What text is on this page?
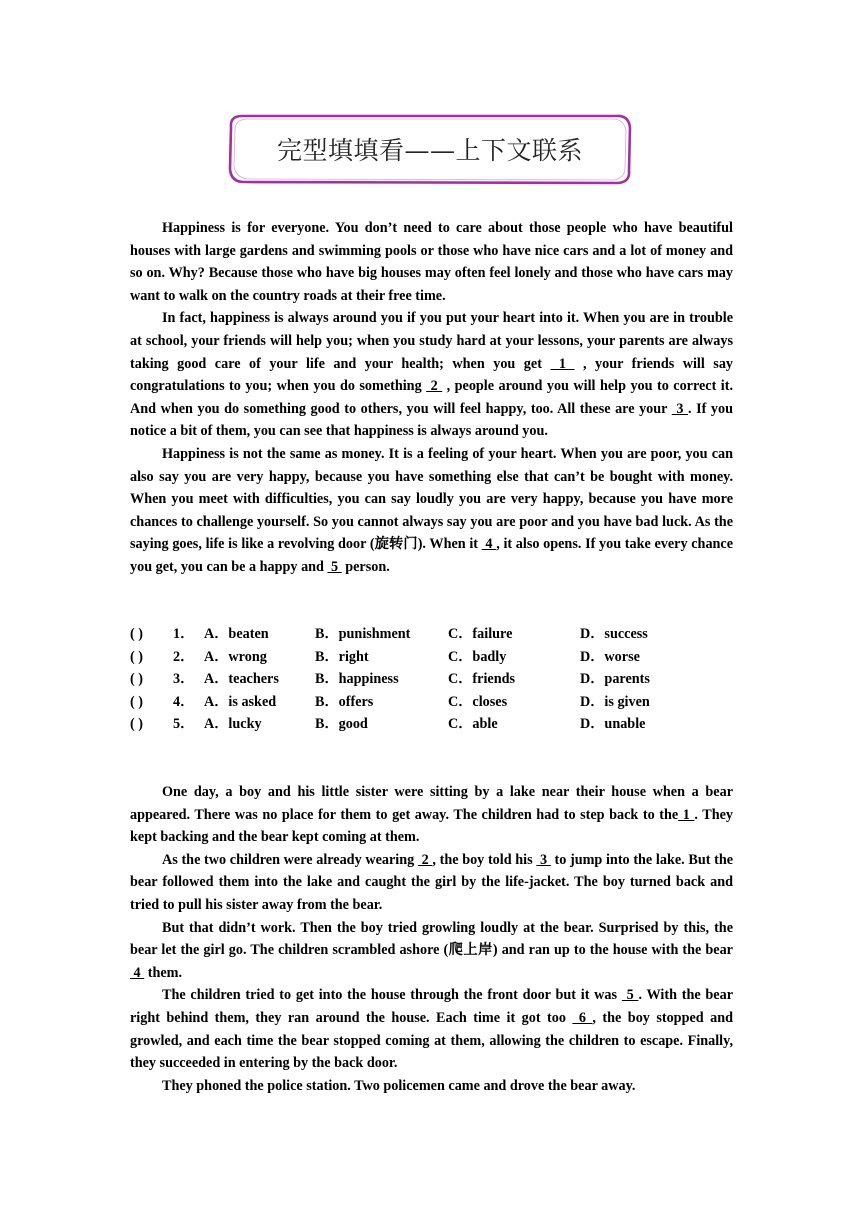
完型填填看——上下文联系

Happiness is for everyone. You don’t need to care about those people who have beautiful houses with large gardens and swimming pools or those who have nice cars and a lot of money and so on. Why? Because those who have big houses may often feel lonely and those who have cars may want to walk on the country roads at their free time.

In fact, happiness is always around you if you put your heart into it. When you are in trouble at school, your friends will help you; when you study hard at your lessons, your parents are always taking good care of your life and your health; when you get  1  , your friends will say congratulations to you; when you do something  2  , people around you will help you to correct it. And when you do something good to others, you will feel happy, too. All these are your  3 . If you notice a bit of them, you can see that happiness is always around you.

Happiness is not the same as money. It is a feeling of your heart. When you are poor, you can also say you are very happy, because you have something else that can’t be bought with money. When you meet with difficulties, you can say loudly you are very happy, because you have more chances to challenge yourself. So you cannot always say you are poor and you have bad luck. As the saying goes, life is like a revolving door (旋转门). When it  4 , it also opens. If you take every chance you get, you can be a happy and  5  person.

( ) 1． A．beaten	B．punishment	C．failure	D．success
( ) 2． A．wrong	B．right	C．badly	D．worse
( ) 3． A．teachers	B．happiness	C．friends	D．parents
( ) 4． A．is asked	B．offers	C．closes	D．is given
( ) 5． A．lucky	B．good	C．able	D．unable

One day, a boy and his little sister were sitting by a lake near their house when a bear appeared. There was no place for them to get away. The children had to step back to the 1 . They kept backing and the bear kept coming at them.

As the two children were already wearing  2 , the boy told his  3  to jump into the lake. But the bear followed them into the lake and caught the girl by the life-jacket. The boy turned back and tried to pull his sister away from the bear.

But that didn’t work. Then the boy tried growling loudly at the bear. Surprised by this, the bear let the girl go. The children scrambled ashore (爬上岸) and ran up to the house with the bear  4  them.

The children tried to get into the house through the front door but it was  5 . With the bear right behind them, they ran around the house. Each time it got too  6 , the boy stopped and growled, and each time the bear stopped coming at them, allowing the children to escape. Finally, they succeeded in entering by the back door.

They phoned the police station. Two policemen came and drove the bear away.
